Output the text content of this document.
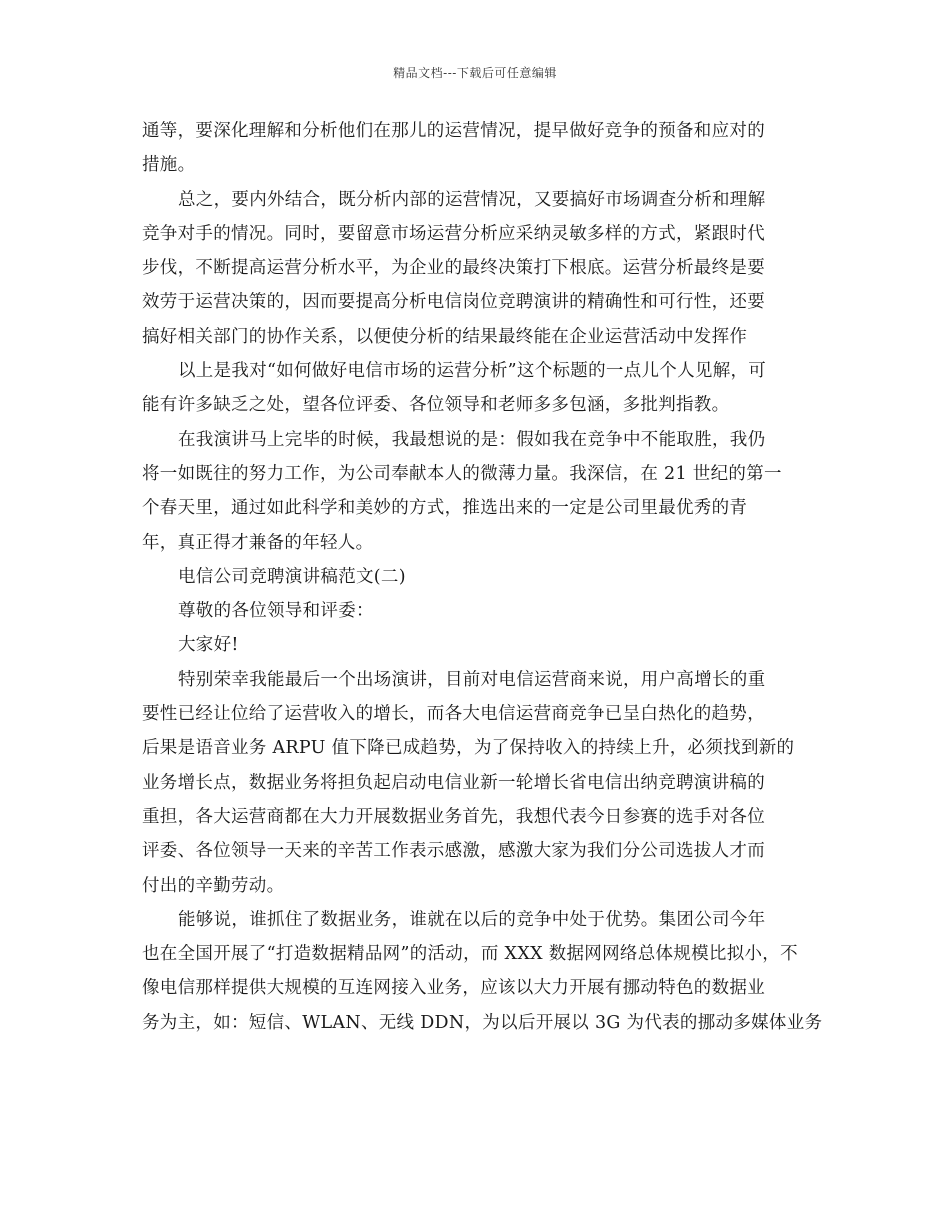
精品文档---下载后可任意编辑
通等，要深化理解和分析他们在那儿的运营情况，提早做好竞争的预备和应对的
措施。
总之，要内外结合，既分析内部的运营情况，又要搞好市场调查分析和理解
竞争对手的情况。同时，要留意市场运营分析应采纳灵敏多样的方式，紧跟时代
步伐，不断提高运营分析水平，为企业的最终决策打下根底。运营分析最终是要
效劳于运营决策的，因而要提高分析电信岗位竞聘演讲的精确性和可行性，还要
搞好相关部门的协作关系，以便使分析的结果最终能在企业运营活动中发挥作
以上是我对“如何做好电信市场的运营分析”这个标题的一点儿个人见解，可
能有许多缺乏之处，望各位评委、各位领导和老师多多包涵，多批判指教。
在我演讲马上完毕的时候，我最想说的是：假如我在竞争中不能取胜，我仍
将一如既往的努力工作，为公司奉献本人的微薄力量。我深信，在 21 世纪的第一
个春天里，通过如此科学和美妙的方式，推选出来的一定是公司里最优秀的青
年，真正得才兼备的年轻人。
电信公司竞聘演讲稿范文(二)
尊敬的各位领导和评委：
大家好!
特别荣幸我能最后一个出场演讲，目前对电信运营商来说，用户高增长的重
要性已经让位给了运营收入的增长，而各大电信运营商竞争已呈白热化的趋势，
后果是语音业务 ARPU 值下降已成趋势，为了保持收入的持续上升，必须找到新的
业务增长点，数据业务将担负起启动电信业新一轮增长省电信出纳竞聘演讲稿的
重担，各大运营商都在大力开展数据业务首先，我想代表今日参赛的选手对各位
评委、各位领导一天来的辛苦工作表示感激，感激大家为我们分公司选拔人才而
付出的辛勤劳动。
能够说，谁抓住了数据业务，谁就在以后的竞争中处于优势。集团公司今年
也在全国开展了“打造数据精品网”的活动，而 XXX 数据网网络总体规模比拟小，不
像电信那样提供大规模的互连网接入业务，应该以大力开展有挪动特色的数据业
务为主，如：短信、WLAN、无线 DDN，为以后开展以 3G 为代表的挪动多媒体业务
